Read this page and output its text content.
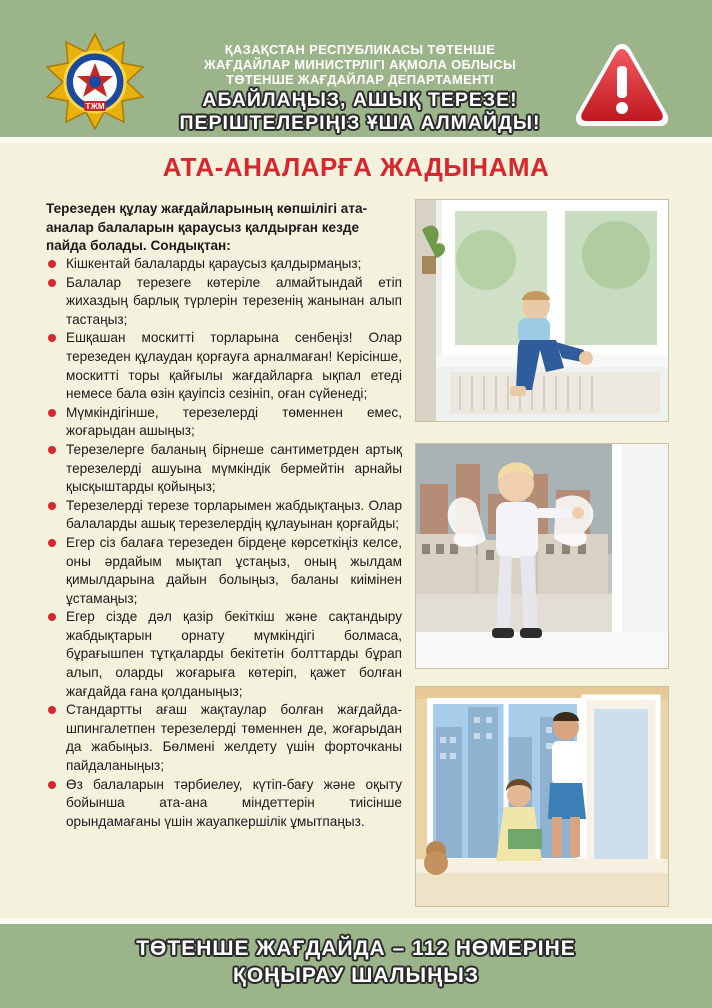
ТЖМ
ҚАЗАҚСТАН РЕСПУБЛИКАСЫ ТӨТЕНШЕ
ЖАҒДАЙЛАР МИНИСТРЛІГІ АҚМОЛА ОБЛЫСЫ
ТӨТЕНШЕ ЖАҒДАЙЛАР ДЕПАРТАМЕНТІ
АБАЙЛАҢЫЗ, АШЫҚ ТЕРЕЗЕ!
ПЕРІШТЕЛЕРІҢІЗ ҰША АЛМАЙДЫ!
АТА-АНАЛАРҒА ЖАДЫНАМА
Терезеден құлау жағдайларының көпшілігі ата-аналар балаларын қараусыз қалдырған кезде пайда болады. Сондықтан:
Кішкентай балаларды қараусыз қалдырмаңыз;
Балалар терезеге көтеріле алмайтындай етіп жихаздың барлық түрлерін терезенің жанынан алып тастаңыз;
Ешқашан москитті торларына сенбеңіз! Олар терезеден құлаудан қорғауға арналмаған! Керісінше, москитті торы қайғылы жағдайларға ықпал етеді немесе бала өзін қауіпсіз сезініп, оған сүйенеді;
Мүмкіндігінше, терезелерді төменнен емес, жоғарыдан ашыңыз;
Терезелерге баланың бірнеше сантиметрден артық терезелерді ашуына мүмкіндік бермейтін арнайы қысқыштарды қойыңыз;
Терезелерді терезе торларымен жабдықтаңыз. Олар балаларды ашық терезелердің құлауынан қорғайды;
Егер сіз балаға терезеден бірдеңе көрсеткіңіз келсе, оны әрдайым мықтап ұстаңыз, оның жылдам қимылдарына дайын болыңыз, баланы киімінен ұстамаңыз;
Егер сізде дәл қазір бекіткіш және сақтандыру жабдықтарын орнату мүмкіндігі болмаса, бұрағышпен тұтқаларды бекітетін болттарды бұрап алып, оларды жоғарыға көтеріп, қажет болған жағдайда ғана қолданыңыз;
Стандартты ағаш жақтаулар болған жағдайда-шпингалетпен терезелерді төменнен де, жоғарыдан да жабыңыз. Бөлмені желдету үшін форточканы пайдаланыңыз;
Өз балаларын тәрбиелеу, күтіп-бағу және оқыту бойынша ата-ана міндеттерін тиісінше орындамағаны үшін жауапкершілік ұмытпаңыз.
ТӨТЕНШЕ ЖАҒДАЙДА – 112 НӨМЕРІНЕ
ҚОҢЫРАУ ШАЛЫҢЫЗ
